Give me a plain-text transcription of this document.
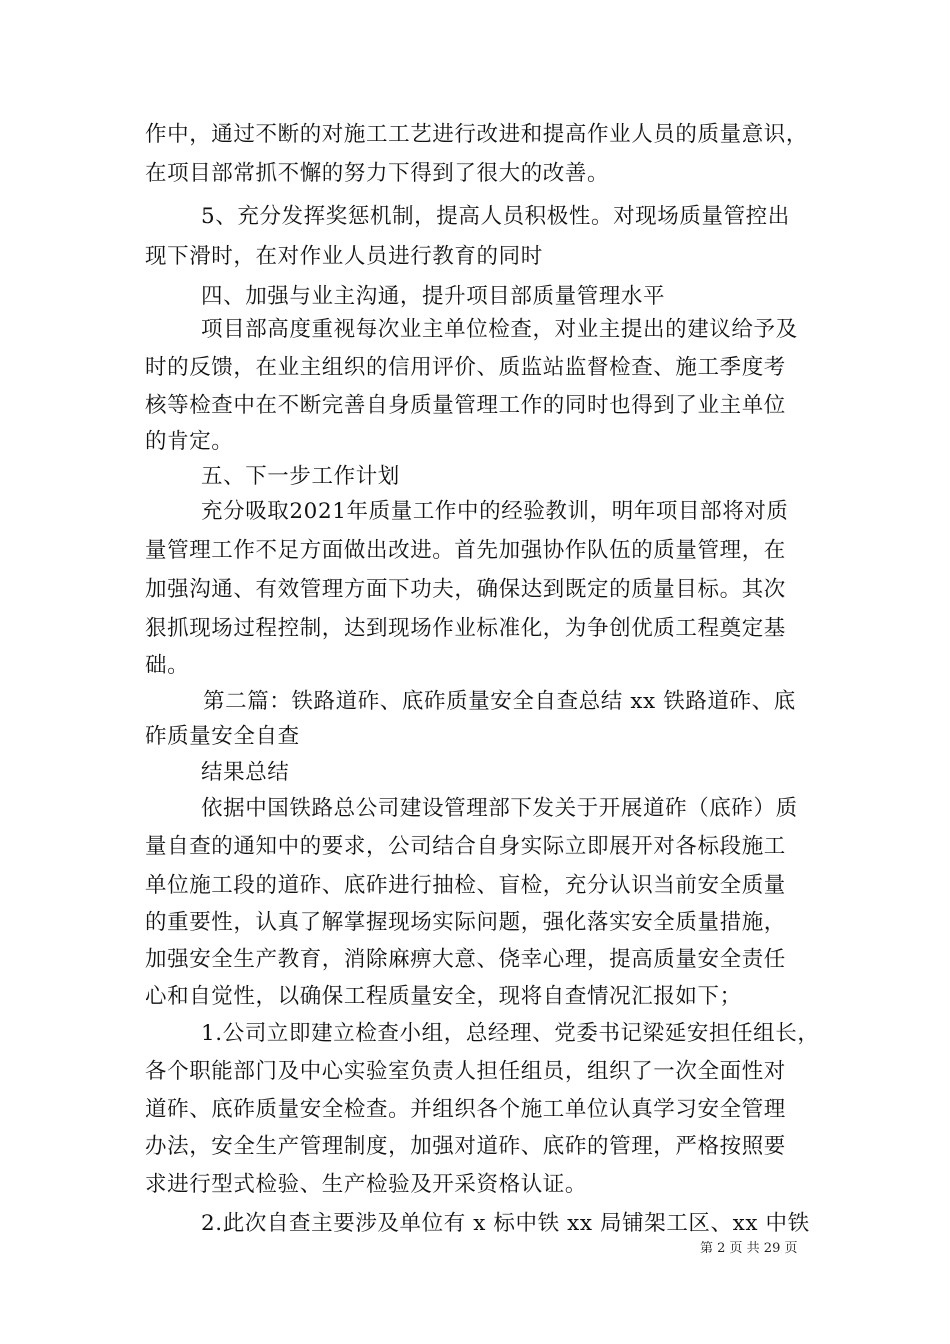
作中，通过不断的对施工工艺进行改进和提高作业人员的质量意识，
在项目部常抓不懈的努力下得到了很大的改善。
5、充分发挥奖惩机制，提高人员积极性。对现场质量管控出
现下滑时，在对作业人员进行教育的同时
四、加强与业主沟通，提升项目部质量管理水平
项目部高度重视每次业主单位检查，对业主提出的建议给予及
时的反馈，在业主组织的信用评价、质监站监督检查、施工季度考
核等检查中在不断完善自身质量管理工作的同时也得到了业主单位
的肯定。
五、下一步工作计划
充分吸取2021年质量工作中的经验教训，明年项目部将对质
量管理工作不足方面做出改进。首先加强协作队伍的质量管理，在
加强沟通、有效管理方面下功夫，确保达到既定的质量目标。其次
狠抓现场过程控制，达到现场作业标准化，为争创优质工程奠定基
础。
第二篇：铁路道砟、底砟质量安全自查总结 xx 铁路道砟、底
砟质量安全自查
结果总结
依据中国铁路总公司建设管理部下发关于开展道砟（底砟）质
量自查的通知中的要求，公司结合自身实际立即展开对各标段施工
单位施工段的道砟、底砟进行抽检、盲检，充分认识当前安全质量
的重要性，认真了解掌握现场实际问题，强化落实安全质量措施，
加强安全生产教育，消除麻痹大意、侥幸心理，提高质量安全责任
心和自觉性，以确保工程质量安全，现将自查情况汇报如下；
1.公司立即建立检查小组，总经理、党委书记梁延安担任组长，
各个职能部门及中心实验室负责人担任组员，组织了一次全面性对
道砟、底砟质量安全检查。并组织各个施工单位认真学习安全管理
办法，安全生产管理制度，加强对道砟、底砟的管理，严格按照要
求进行型式检验、生产检验及开采资格认证。
2.此次自查主要涉及单位有 x 标中铁 xx 局铺架工区、xx 中铁
第 2 页 共 29 页
